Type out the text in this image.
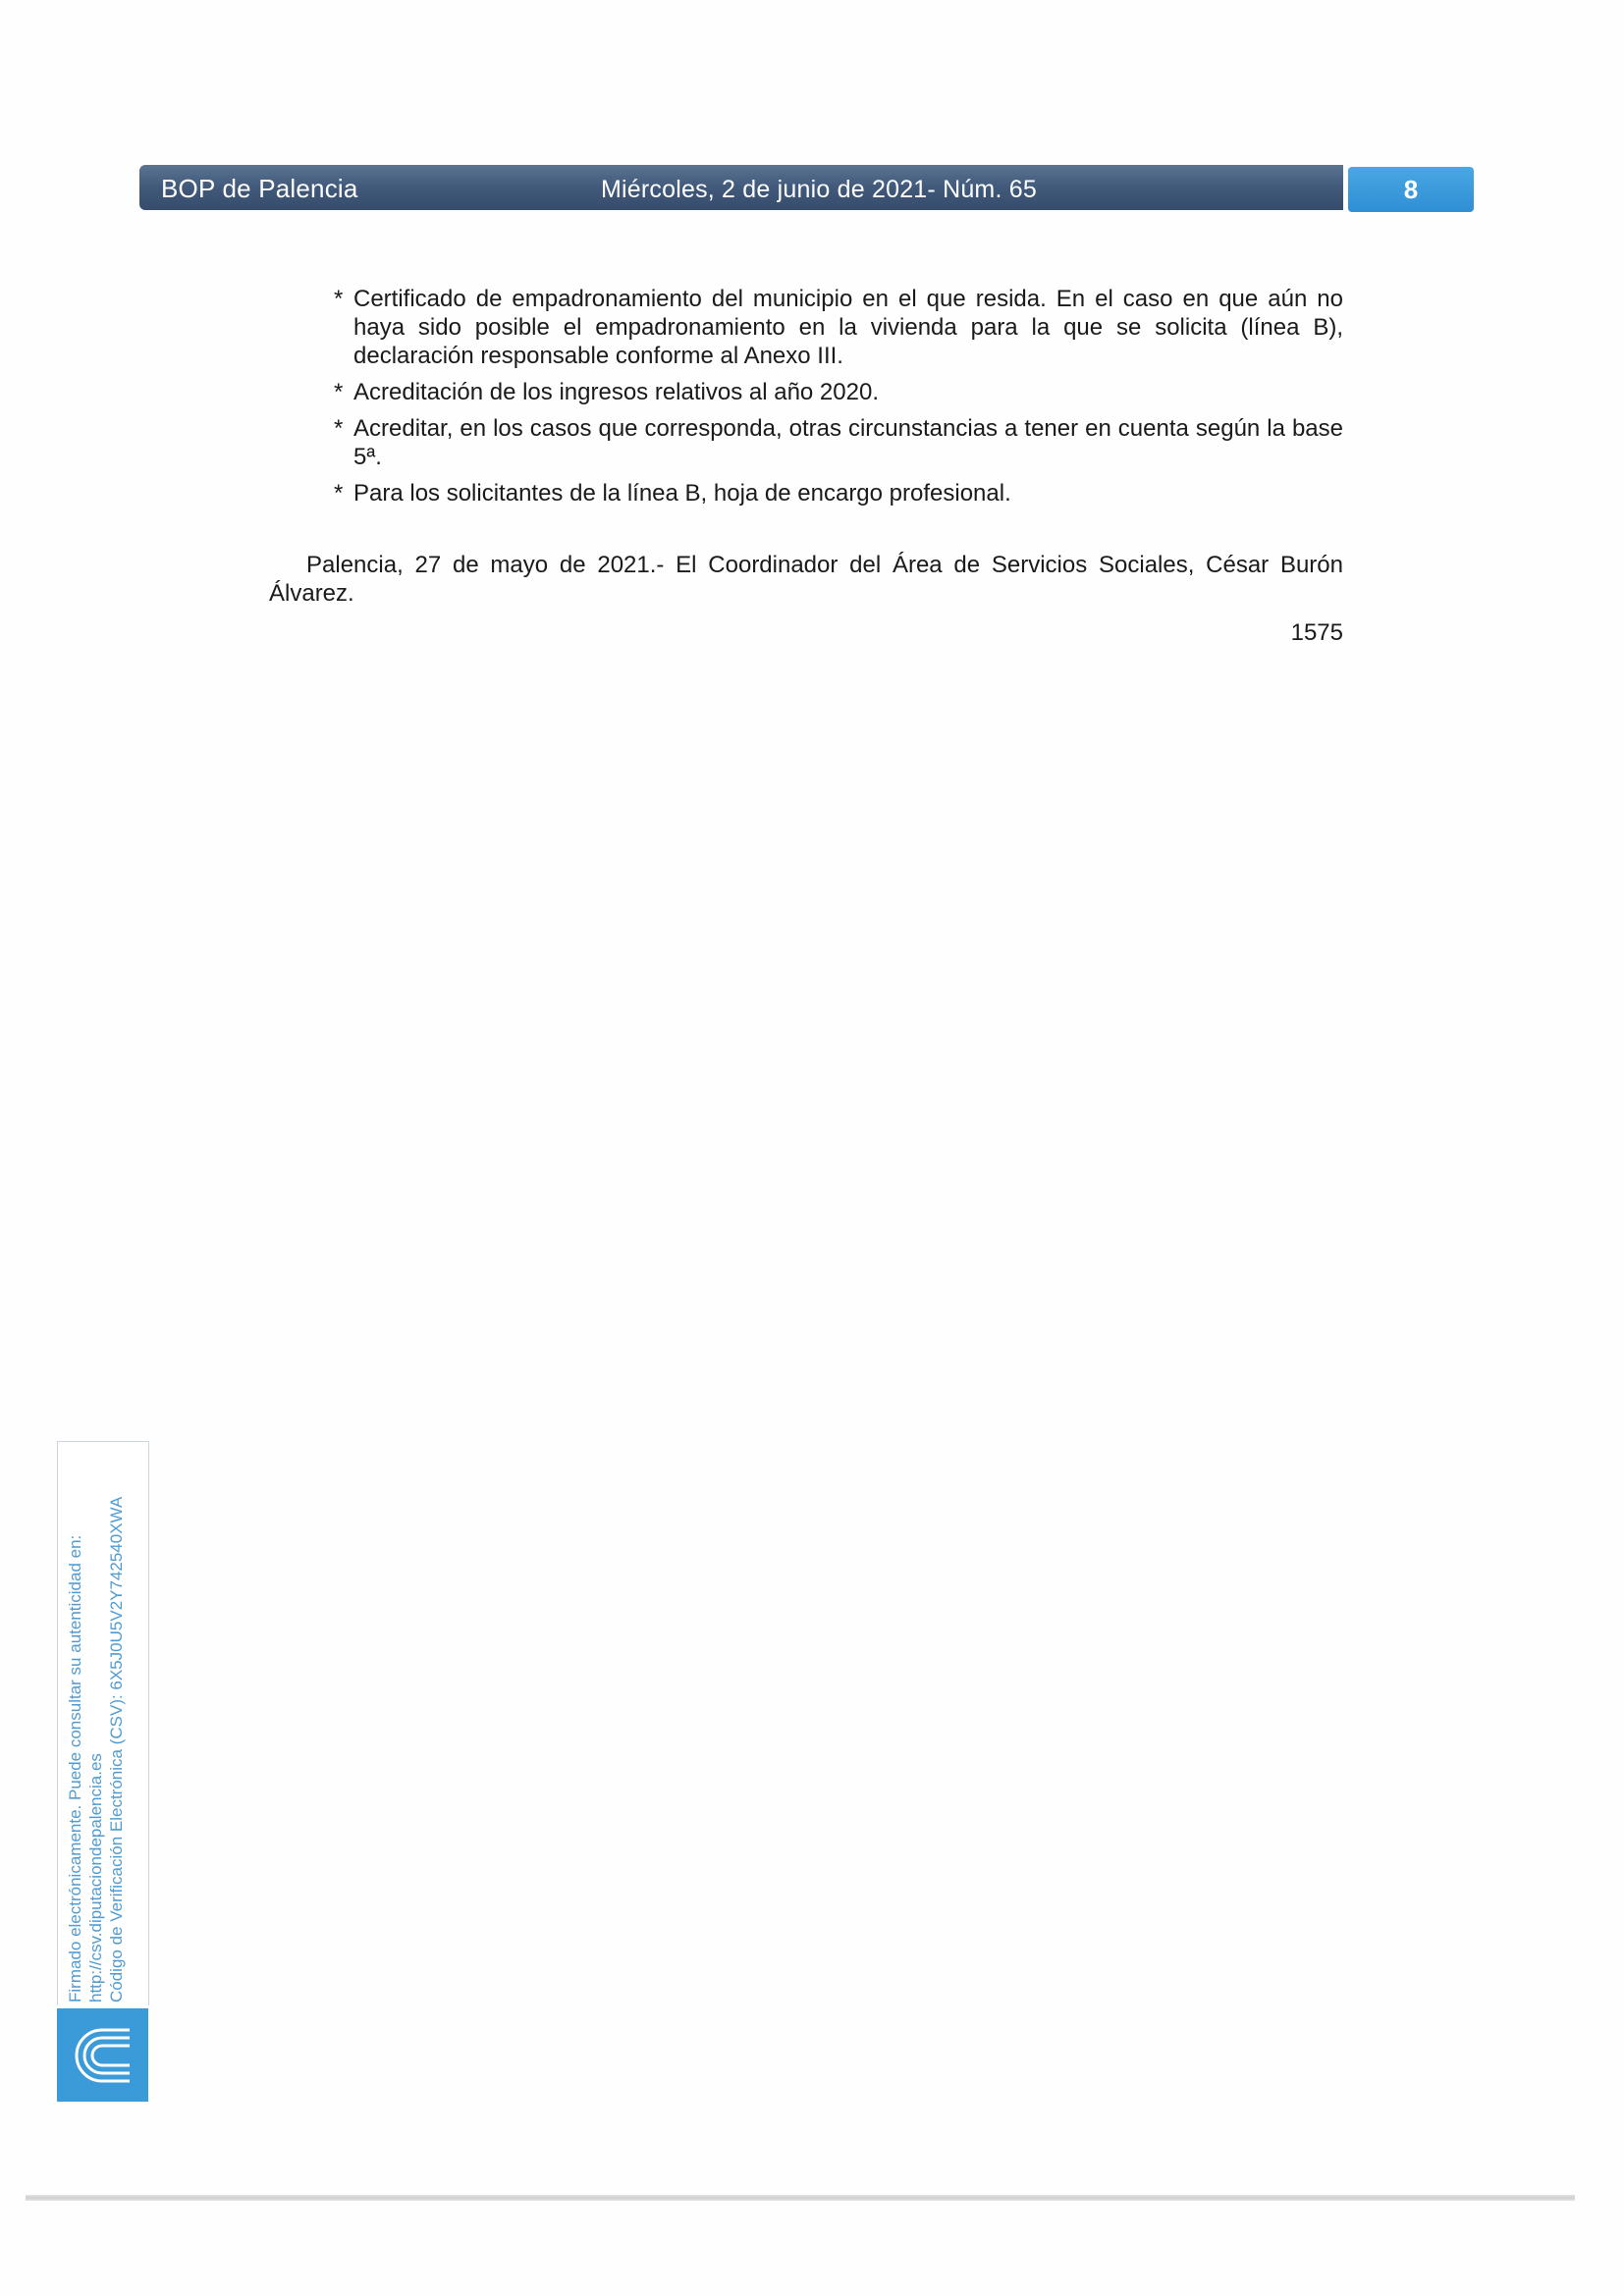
BOP de Palencia	Miércoles, 2 de junio de 2021- Núm. 65	8
* Certificado de empadronamiento del municipio en el que resida. En el caso en que aún no haya sido posible el empadronamiento en la vivienda para la que se solicita (línea B), declaración responsable conforme al Anexo III.
* Acreditación de los ingresos relativos al año 2020.
* Acreditar, en los casos que corresponda, otras circunstancias a tener en cuenta según la base 5ª.
* Para los solicitantes de la línea B, hoja de encargo profesional.

Palencia, 27 de mayo de 2021.- El Coordinador del Área de Servicios Sociales, César Burón Álvarez.

1575
Firmado electrónicamente. Puede consultar su autenticidad en: http://csv.diputaciondepalencia.es Código de Verificación Electrónica (CSV): 6X5J0U5V2Y742540XWA
